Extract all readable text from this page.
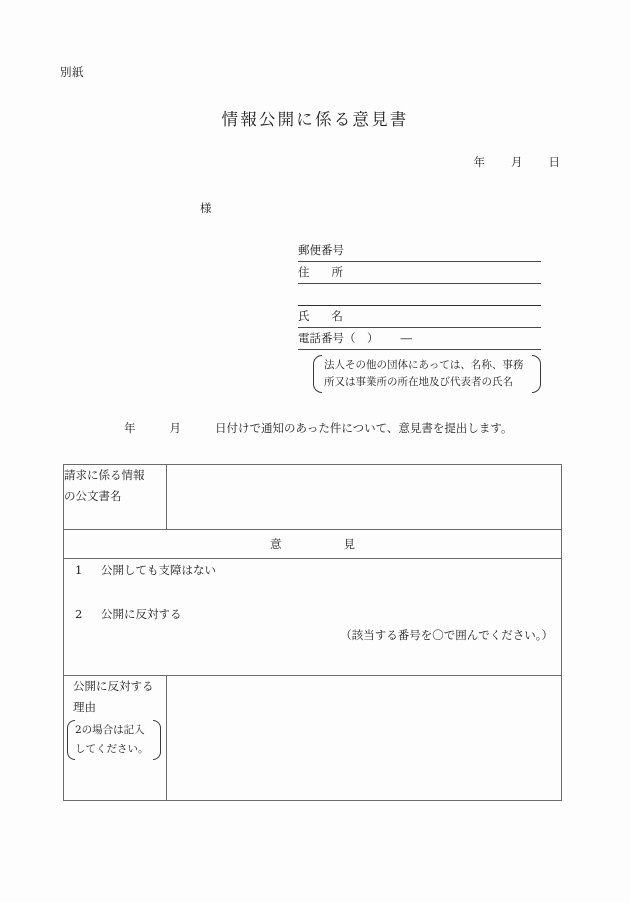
別紙
情報公開に係る意見書
年 月 日
様
郵便番号
住 所
氏 名
電話番号（　） ―
法人その他の団体にあっては、名称、事務
所又は事業所の所在地及び代表者の氏名
年	月	日付けで通知のあった件について、意見書を提出します。
請求に係る情報
の公文書名	

意 見	

1 公開しても支障はない
2 公開に反対する
（該当する番号を〇で囲んでください。）	

公開に反対する
理由
2の場合は記入
してください。	
